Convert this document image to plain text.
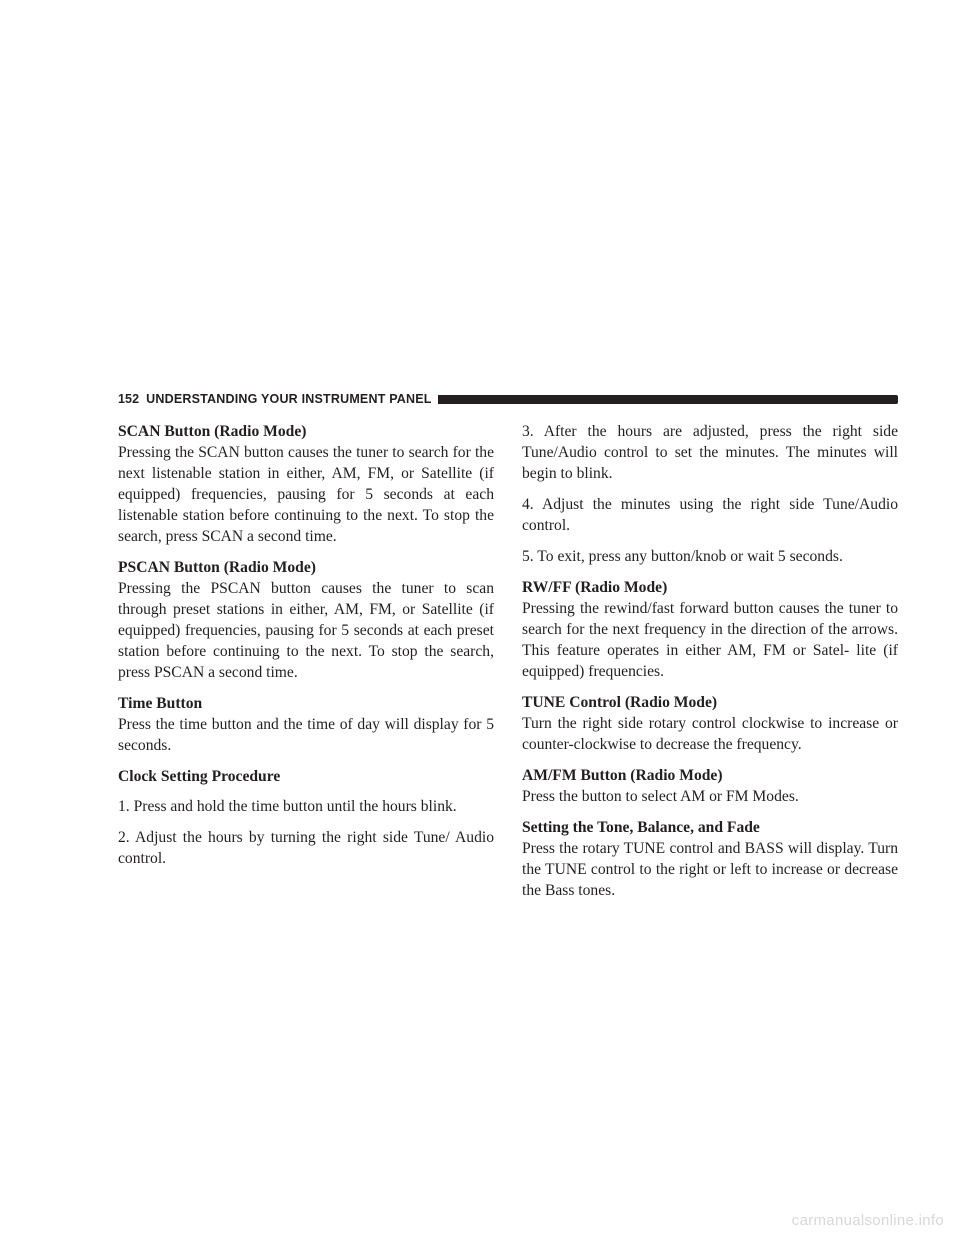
152 UNDERSTANDING YOUR INSTRUMENT PANEL
SCAN Button (Radio Mode)

Pressing the SCAN button causes the tuner to search for the next listenable station in either, AM, FM, or Satellite (if equipped) frequencies, pausing for 5 seconds at each listenable station before continuing to the next. To stop the search, press SCAN a second time.

PSCAN Button (Radio Mode)

Pressing the PSCAN button causes the tuner to scan through preset stations in either, AM, FM, or Satellite (if equipped) frequencies, pausing for 5 seconds at each preset station before continuing to the next. To stop the search, press PSCAN a second time.

Time Button

Press the time button and the time of day will display for 5 seconds.

Clock Setting Procedure

1. Press and hold the time button until the hours blink.

2. Adjust the hours by turning the right side Tune/ Audio control.

3. After the hours are adjusted, press the right side Tune/Audio control to set the minutes. The minutes will begin to blink.

4. Adjust the minutes using the right side Tune/Audio control.

5. To exit, press any button/knob or wait 5 seconds.

RW/FF (Radio Mode)

Pressing the rewind/fast forward button causes the tuner to search for the next frequency in the direction of the arrows. This feature operates in either AM, FM or Satel- lite (if equipped) frequencies.

TUNE Control (Radio Mode)

Turn the right side rotary control clockwise to increase or counter-clockwise to decrease the frequency.

AM/FM Button (Radio Mode)

Press the button to select AM or FM Modes.

Setting the Tone, Balance, and Fade

Press the rotary TUNE control and BASS will display. Turn the TUNE control to the right or left to increase or decrease the Bass tones.

carmanualsonline.info
